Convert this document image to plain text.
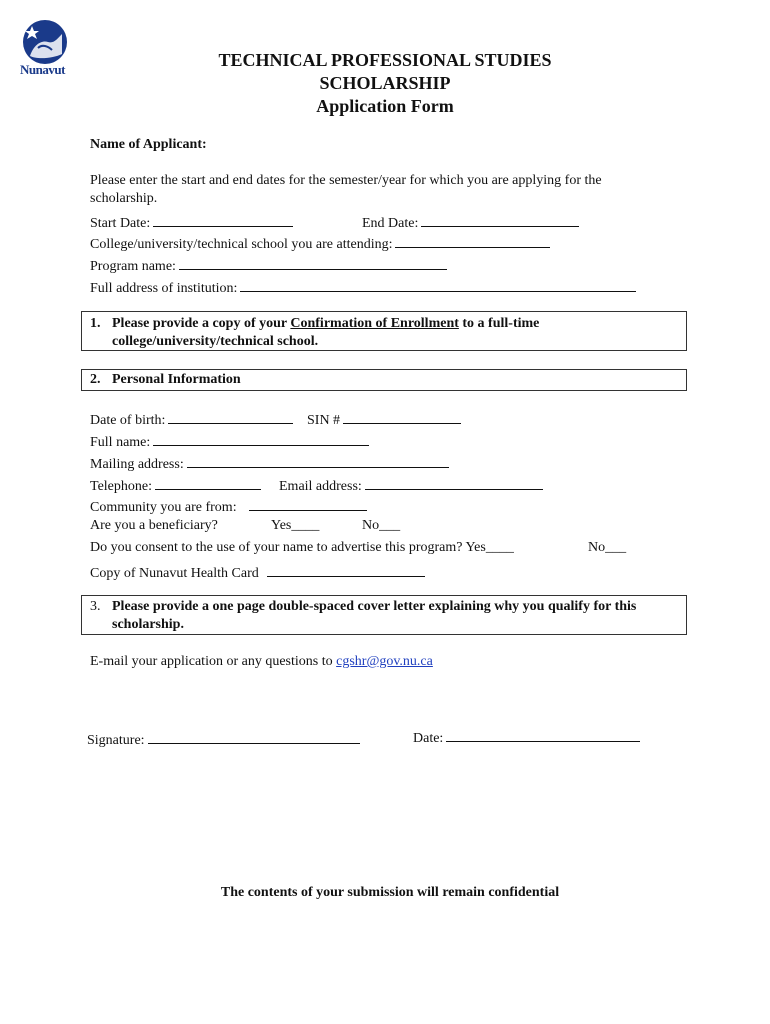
Nunavut	TECHNICAL PROFESSIONAL STUDIES
SCHOLARSHIP
Application Form
Name of Applicant:
Please enter the start and end dates for the semester/year for which you are applying for the
scholarship.
Start Date:	End Date:
College/university/technical school you are attending:
Program name:
Full address of institution:
1. Please provide a copy of your Confirmation of Enrollment to a full-time
college/university/technical school.
2. Personal Information
Date of birth:	SIN #
Full name:
Mailing address:
Telephone:	Email address:
Community you are from:
Are you a beneficiary?	Yes____	No___
Do you consent to the use of your name to advertise this program? Yes____	No___
Copy of Nunavut Health Card
3. Please provide a one page double-spaced cover letter explaining why you qualify for this
scholarship.
E-mail your application or any questions to cgshr@gov.nu.ca
Signature:	Date:
The contents of your submission will remain confidential
